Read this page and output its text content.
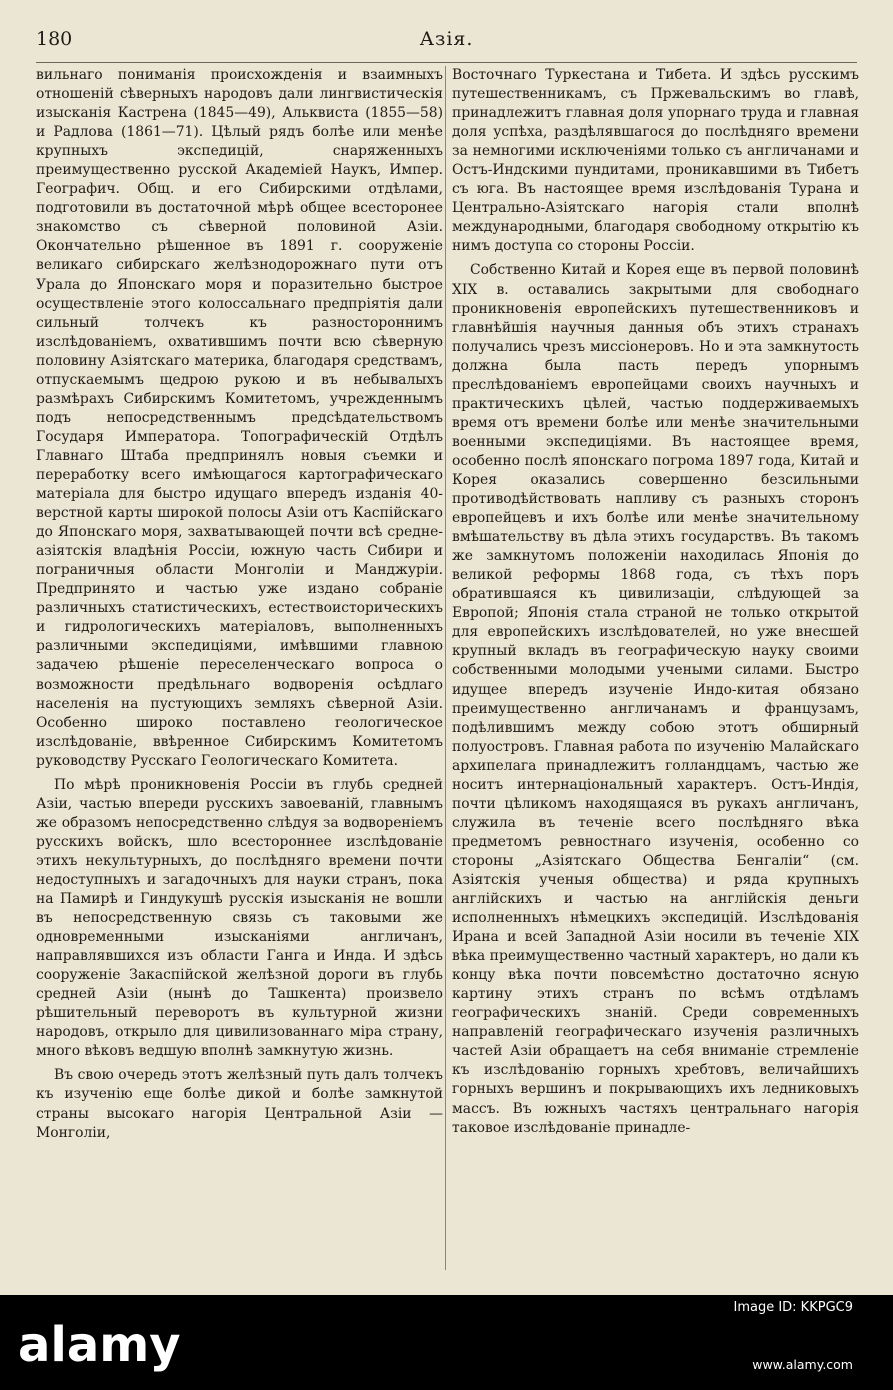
180	Азія.

вильнаго пониманія происхожденія и взаимныхъ отношеній сѣверныхъ народовъ дали лингвистическія изысканія Кастрена (1845—49), Альквиста (1855—58) и Радлова (1861—71). Цѣлый рядъ болѣе или менѣе крупныхъ экспедицій, снаряженныхъ преимущественно русской Академіей Наукъ, Импер. Географич. Общ. и его Сибирскими отдѣлами, подготовили въ достаточной мѣрѣ общее всесторонее знакомство съ сѣверной половиной Азіи. Окончательно рѣшенное въ 1891 г. сооруженіе великаго сибирскаго желѣзнодорожнаго пути отъ Урала до Японскаго моря и поразительно быстрое осуществленіе этого колоссальнаго предпріятія дали сильный толчекъ къ разностороннимъ изслѣдованіемъ, охватившимъ почти всю сѣверную половину Азіятскаго материка, благодаря средствамъ, отпускаемымъ щедрою рукою и въ небывалыхъ размѣрахъ Сибирскимъ Комитетомъ, учрежденнымъ подъ непосредственнымъ предсѣдательствомъ Государя Императора. Топографическій Отдѣлъ Главнаго Штаба предпринялъ новыя съемки и переработку всего имѣющагося картографическаго матеріала для быстро идущаго впередъ изданія 40-верстной карты широкой полосы Азіи отъ Каспійскаго до Японскаго моря, захватывающей почти всѣ средне-азіятскія владѣнія Россіи, южную часть Сибири и пограничныя области Монголіи и Манджуріи. Предпринято и частью уже издано собраніе различныхъ статистическихъ, естествоисторическихъ и гидрологическихъ матеріаловъ, выполненныхъ различными экспедиціями, имѣвшими главною задачею рѣшеніе переселенческаго вопроса о возможности предѣльнаго водворенія осѣдлаго населенія на пустующихъ земляхъ сѣверной Азіи. Особенно широко поставлено геологическое изслѣдованіе, ввѣренное Сибирскимъ Комитетомъ руководству Русскаго Геологическаго Комитета.

По мѣрѣ проникновенія Россіи въ глубь средней Азіи, частью впереди русскихъ завоеваній, главнымъ же образомъ непосредственно слѣдуя за водвореніемъ русскихъ войскъ, шло всестороннее изслѣдованіе этихъ некультурныхъ, до послѣдняго времени почти недоступныхъ и загадочныхъ для науки странъ, пока на Памирѣ и Гиндукушѣ русскія изысканія не вошли въ непосредственную связь съ таковыми же одновременными изысканіями англичанъ, направлявшихся изъ области Ганга и Инда. И здѣсь сооруженіе Закаспійской желѣзной дороги въ глубь средней Азіи (нынѣ до Ташкента) произвело рѣшительный переворотъ въ культурной жизни народовъ, открыло для цивилизованнаго міра страну, много вѣковъ ведшую вполнѣ замкнутую жизнь.

Въ свою очередь этотъ желѣзный путь далъ толчекъ къ изученію еще болѣе дикой и болѣе замкнутой страны высокаго нагорія Центральной Азіи — Монголіи,

Восточнаго Туркестана и Тибета. И здѣсь русскимъ путешественникамъ, съ Пржевальскимъ во главѣ, принадлежитъ главная доля упорнаго труда и главная доля успѣха, раздѣлявшагося до послѣдняго времени за немногими исключеніями только съ англичанами и Остъ-Индскими пундитами, проникавшими въ Тибетъ съ юга. Въ настоящее время изслѣдованія Турана и Центрально-Азіятскаго нагорія стали вполнѣ международными, благодаря свободному открытію къ нимъ доступа со стороны Россіи.

Собственно Китай и Корея еще въ первой половинѣ XIX в. оставались закрытыми для свободнаго проникновенія европейскихъ путешественниковъ и главнѣйшія научныя данныя объ этихъ странахъ получались чрезъ миссіонеровъ. Но и эта замкнутость должна была пасть передъ упорнымъ преслѣдованіемъ европейцами своихъ научныхъ и практическихъ цѣлей, частью поддерживаемыхъ время отъ времени болѣе или менѣе значительными военными экспедиціями. Въ настоящее время, особенно послѣ японскаго погрома 1897 года, Китай и Корея оказались совершенно безсильными противодѣйствовать напливу съ разныхъ сторонъ европейцевъ и ихъ болѣе или менѣе значительному вмѣшательству въ дѣла этихъ государствъ. Въ такомъ же замкнутомъ положеніи находилась Японія до великой реформы 1868 года, съ тѣхъ поръ обратившаяся къ цивилизаціи, слѣдующей за Европой; Японія стала страной не только открытой для европейскихъ изслѣдователей, но уже внесшей крупный вкладъ въ географическую науку своими собственными молодыми учеными силами. Быстро идущее впередъ изученіе Индо-китая обязано преимущественно англичанамъ и французамъ, подѣлившимъ между собою этотъ обширный полуостровъ. Главная работа по изученію Малайскаго архипелага принадлежитъ голландцамъ, частью же носитъ интернаціональный характеръ. Остъ-Индія, почти цѣликомъ находящаяся въ рукахъ англичанъ, служила въ теченіе всего послѣдняго вѣка предметомъ ревностнаго изученія, особенно со стороны „Азіятскаго Общества Бенгаліи“ (см. Азіятскія ученыя общества) и ряда крупныхъ англійскихъ и частью на англійскія деньги исполненныхъ нѣмецкихъ экспедицій. Изслѣдованія Ирана и всей Западной Азіи носили въ теченіе XIX вѣка преимущественно частный характеръ, но дали къ концу вѣка почти повсемѣстно достаточно ясную картину этихъ странъ по всѣмъ отдѣламъ географическихъ знаній. Среди современныхъ направленій географическаго изученія различныхъ частей Азіи обращаетъ на себя вниманіе стремленіе къ изслѣдованію горныхъ хребтовъ, величайшихъ горныхъ вершинъ и покрывающихъ ихъ ледниковыхъ массъ. Въ южныхъ частяхъ центральнаго нагорія таковое изслѣдованіе принадле-

alamy
Image ID: KKPGC9
www.alamy.com
